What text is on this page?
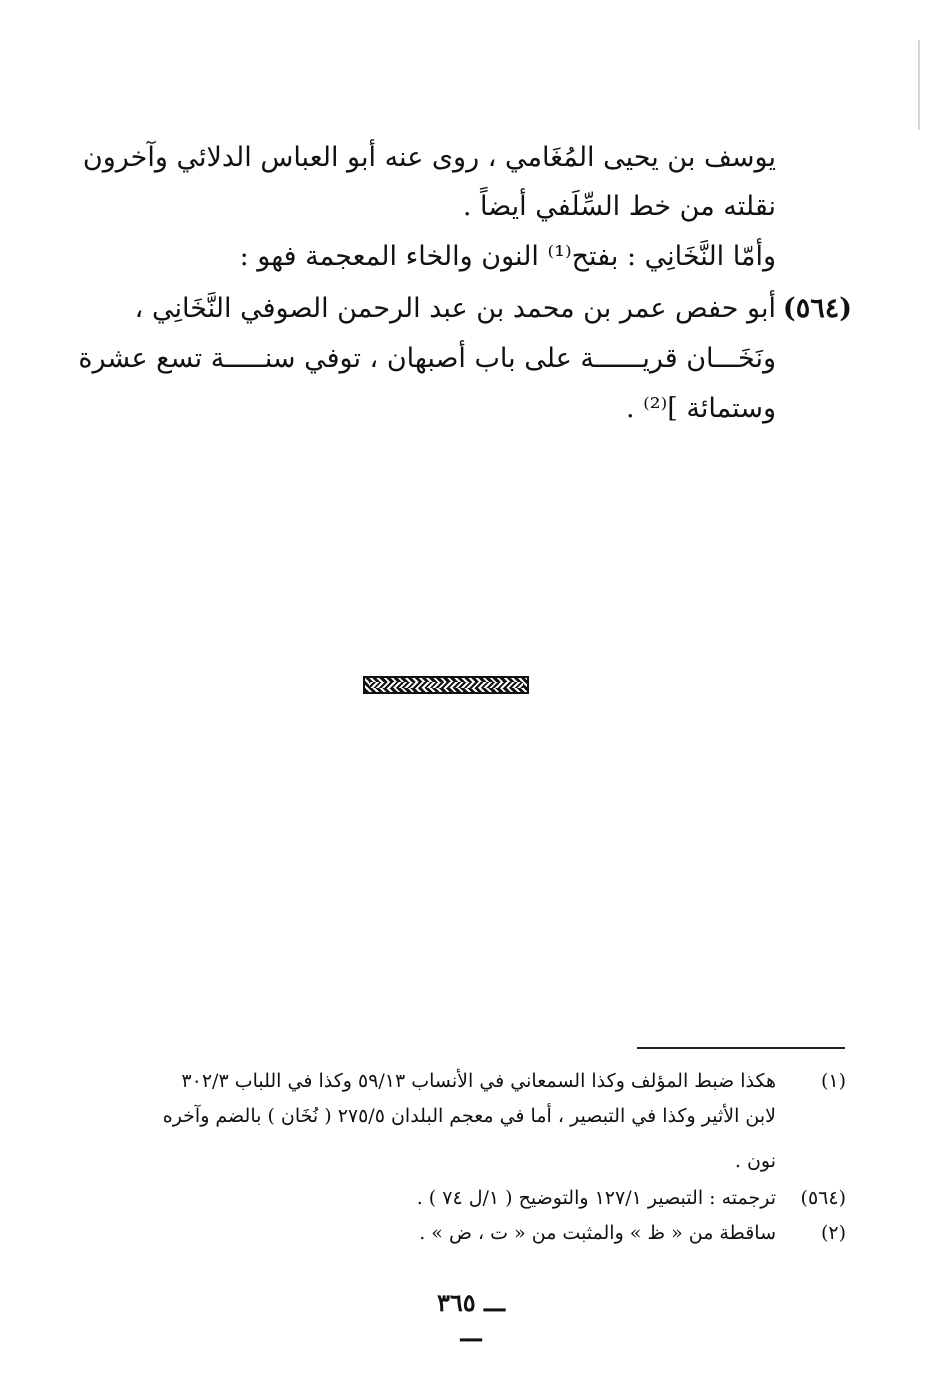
يوسف بن يحيى المُغَامي ، روى عنه أبو العباس الدلائي وآخرون
نقلته من خط السِّلَفي أيضاً .
وأمّا النَّخَانِي : بفتح⁽¹⁾ النون والخاء المعجمة فهو :
(٥٦٤)
أبو حفص عمر بن محمد بن عبد الرحمن الصوفي النَّخَانِي ،
ونَخَـــان قريــــــة على باب أصبهان ، توفي سنـــــة تسع عشرة
وستمائة ]⁽²⁾ .
(١)
هكذا ضبط المؤلف وكذا السمعاني في الأنساب ٥٩/١٣ وكذا في اللباب ٣٠٢/٣
لابن الأثير وكذا في التبصير ، أما في معجم البلدان ٢٧٥/٥ ( نُخَان ) بالضم وآخره
نون .
(٥٦٤)
ترجمته : التبصير ١٢٧/١ والتوضيح ( ١/ل ٧٤ ) .
(٢)
ساقطة من « ظ » والمثبت من « ت ، ض » .
ـــ ٣٦٥ ـــ
